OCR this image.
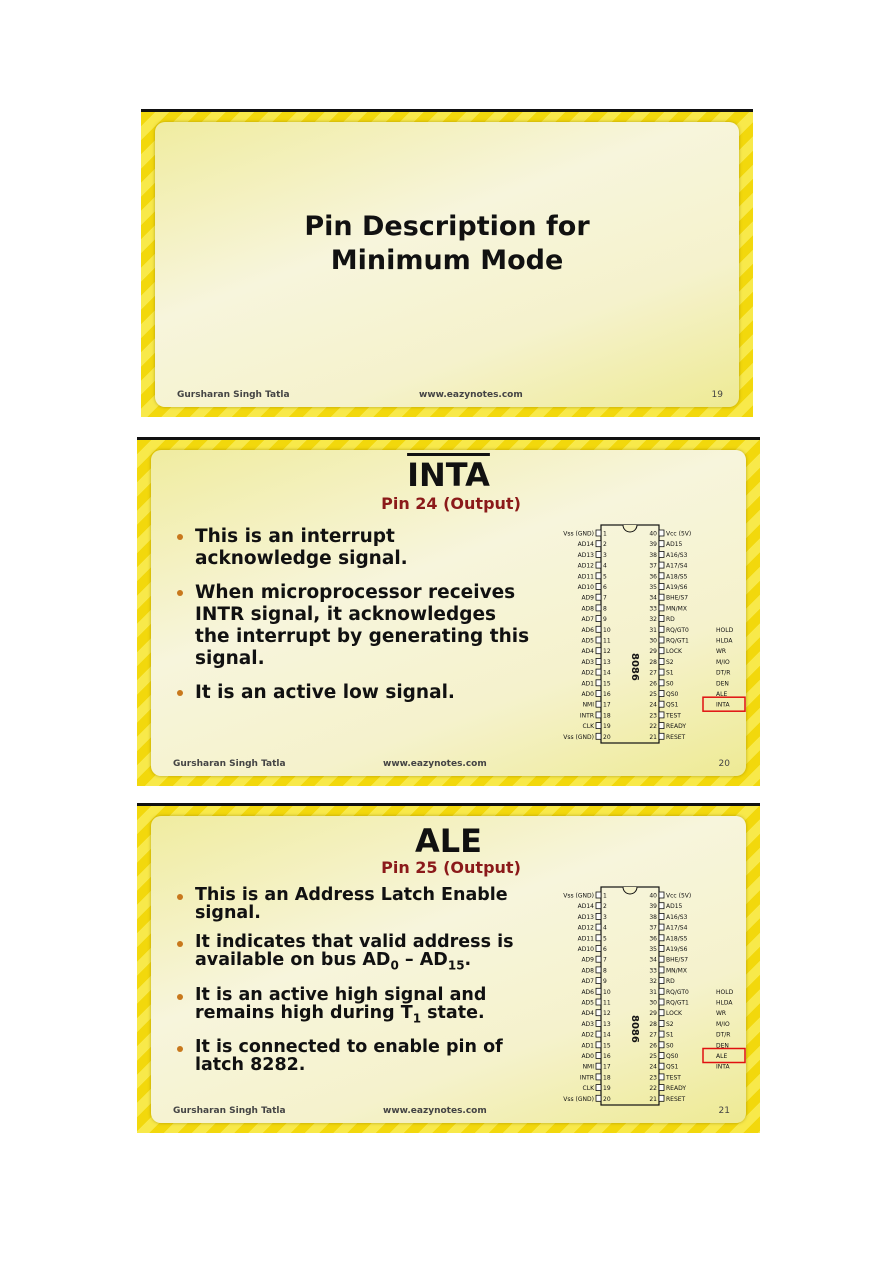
Pin Description for
Minimum Mode
Gursharan Singh Tatla	www.eazynotes.com	19
INTA
Pin 24 (Output)
This is an interrupt acknowledge signal.
When microprocessor receives INTR signal, it acknowledges the interrupt by generating this signal.
It is an active low signal.
8086
1	40
Vss (GND)	Vcc (5V)
2	39
AD14	AD15
3	38
AD13	A16/S3
4	37
AD12	A17/S4
5	36
AD11	A18/S5
6	35
AD10	A19/S6
7	34
AD9	BHE/S7
8	33
AD8	MN/MX
9	32
AD7	RD
10	31
AD6	RQ/GT0
11	30
AD5	RQ/GT1
12	29
AD4	LOCK
13	28
AD3	S2
14	27
AD2	S1
15	26
AD1	S0
16	25
AD0	QS0
17	24
NMI	QS1
18	23
INTR	TEST
19	22
CLK	READY
20	21
Vss (GND)	RESET
HOLD
HLDA
WR
M/IO
DT/R
DEN
ALE
INTA
Gursharan Singh Tatla	www.eazynotes.com	20
ALE
Pin 25 (Output)
This is an Address Latch Enable signal.
It indicates that valid address is available on bus $AD_0 - AD_{15}$.
It is an active high signal and remains high during $T_1$ state.
It is connected to enable pin of latch 8282.
8086
1	40
Vss (GND)	Vcc (5V)
2	39
AD14	AD15
3	38
AD13	A16/S3
4	37
AD12	A17/S4
5	36
AD11	A18/S5
6	35
AD10	A19/S6
7	34
AD9	BHE/S7
8	33
AD8	MN/MX
9	32
AD7	RD
10	31
AD6	RQ/GT0
11	30
AD5	RQ/GT1
12	29
AD4	LOCK
13	28
AD3	S2
14	27
AD2	S1
15	26
AD1	S0
16	25
AD0	QS0
17	24
NMI	QS1
18	23
INTR	TEST
19	22
CLK	READY
20	21
Vss (GND)	RESET
HOLD
HLDA
WR
M/IO
DT/R
DEN
ALE
INTA
Gursharan Singh Tatla	www.eazynotes.com	21
